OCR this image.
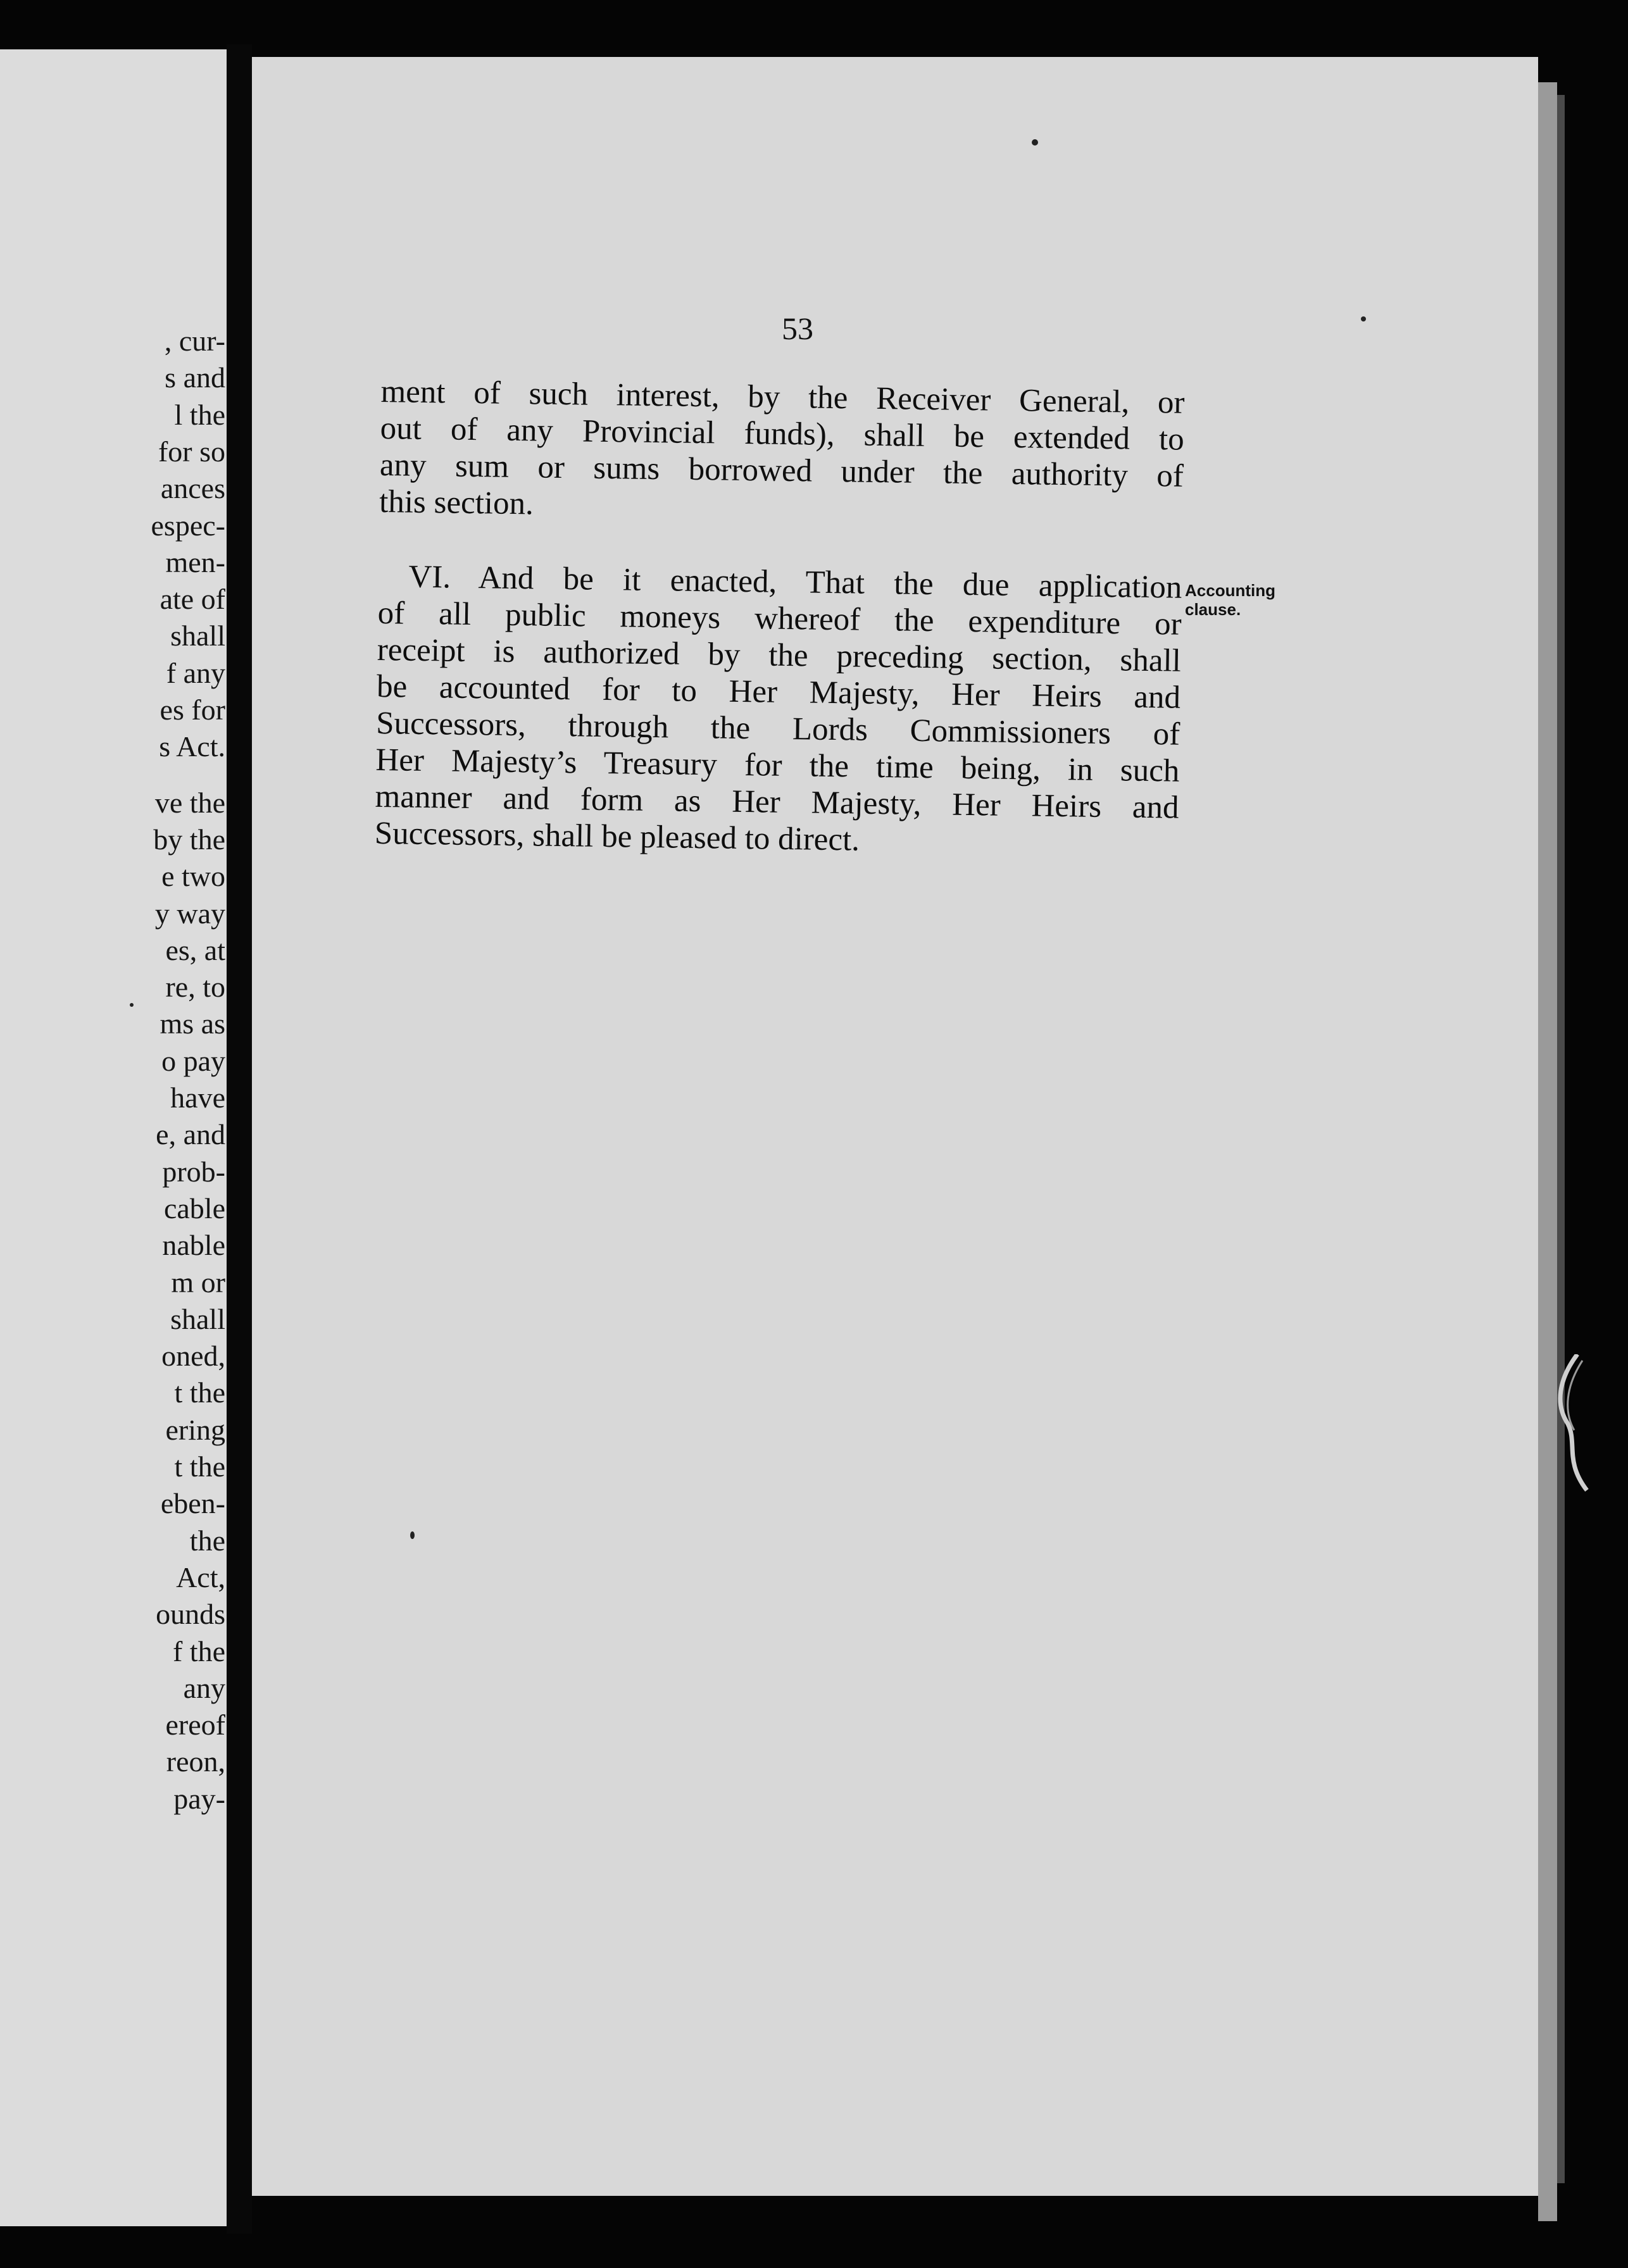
, cur-
s and
l the
for so
ances
espec-
men-
ate of
shall
f any
es for
s Act.
ve the
by the
e two
y way
es, at
re, to
ms as
o pay
have
e, and
prob-
cable
nable
m or
shall
oned,
t the
ering
t the
eben-
the
Act,
ounds
f the
any
ereof
reon,
pay-
53

ment of such interest, by the Receiver General, or
out of any Provincial funds), shall be extended to
any sum or sums borrowed under the authority of
this section.

VI. And be it enacted, That the due application
of all public moneys whereof the expenditure or
receipt is authorized by the preceding section, shall
be accounted for to Her Majesty, Her Heirs and
Successors, through the Lords Commissioners of
Her Majesty’s Treasury for the time being, in such
manner and form as Her Majesty, Her Heirs and
Successors, shall be pleased to direct.

Accounting
clause.
